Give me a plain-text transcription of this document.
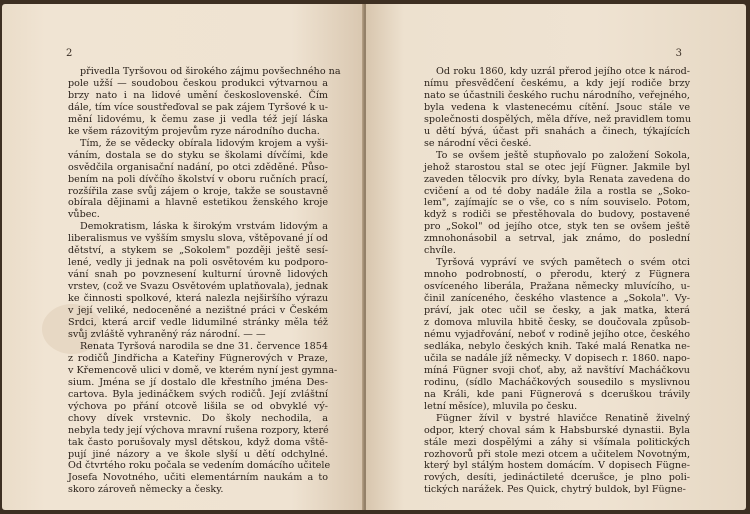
2

přivedla Tyršovou od širokého zájmu povšechného na
pole užší — soudobou českou produkci výtvarnou a
brzy nato i na lidové umění československé. Čím
dále, tím více soustřeďoval se pak zájem Tyršové k u-
mění lidovému, k čemu zase ji vedla též její láska
ke všem rázovitým projevům ryze národního ducha.

Tím, že se vědecky obírala lidovým krojem a vyši-
váním, dostala se do styku se školami dívčími, kde
osvědčila organisační nadání, po otci zděděné. Půso-
bením na poli dívčího školství v oboru ručních prací,
rozšířila zase svůj zájem o kroje, takže se soustavně
obírala dějinami a hlavně estetikou ženského kroje
vůbec.

Demokratism, láska k širokým vrstvám lidovým a
liberalismus ve vyšším smyslu slova, vštěpované jí od
dětství, a stykem se „Sokolem" později ještě sesí-
lené, vedly ji jednak na poli osvětovém ku podporo-
vání snah po povznesení kulturní úrovně lidových
vrstev, (což ve Svazu Osvětovém uplatňovala), jednak
ke činnosti spolkové, která nalezla nejširšího výrazu
v její veliké, nedoceněné a nezištné práci v Českém
Srdci, která arcif vedle lidumilné stránky měla též
svůj zvláště vyhraněný ráz národní. — —

Renata Tyršová narodila se dne 31. července 1854
z rodičů Jindřicha a Kateřiny Fügnerových v Praze,
v Křemencově ulici v domě, ve kterém nyní jest gymna-
sium. Jména se jí dostalo dle křestního jména Des-
cartova. Byla jedináčkem svých rodičů. Její zvláštní
výchova po přání otcově lišila se od obvyklé vý-
chovy dívek vrstevnic. Do školy nechodila, a
nebyla tedy její výchova mravní rušena rozpory, které
tak často porušovaly mysl dětskou, když doma vště-
pují jiné názory a ve škole slyší u dětí odchylné.
Od čtvrtého roku počala se vedením domácího učitele
Josefa Novotného, učiti elementárním naukám a to
skoro zároveň německy a česky.

3

Od roku 1860, kdy uzrál přerod jejího otce k národ-
nímu přesvědčení českému, a kdy její rodiče brzy
nato se účastnili českého ruchu národního, veřejného,
byla vedena k vlastenecému cítění. Jsouc stále ve
společnosti dospělých, měla dříve, než pravidlem tomu
u dětí bývá, účast při snahách a činech, týkajících
se národní věci české.

To se ovšem ještě stupňovalo po založení Sokola,
jehož starostou stal se otec její Fügner. Jakmile byl
zaveden tělocvik pro dívky, byla Renata zavedena do
cvičení a od té doby nadále žila a rostla se „Soko-
lem", zajímajíc se o vše, co s ním souviselo. Potom,
když s rodiči se přestěhovala do budovy, postavené
pro „Sokol" od jejího otce, styk ten se ovšem ještě
zmnohonásobil a setrval, jak známo, do poslední
chvíle.

Tyršová vypráví ve svých pamětech o svém otci
mnoho podrobností, o přerodu, který z Fügnera
osvíceného liberála, Pražana německy mluvícího, u-
činil zaníceného, českého vlastence a „Sokola". Vy-
práví, jak otec učil se česky, a jak matka, která
z domova mluvila hbitě česky, se doučovala způsob-
nému vyjadřování, neboť v rodině jejího otce, českého
sedláka, nebylo českých knih. Také malá Renatka ne-
učila se nadále jíž německy. V dopisech r. 1860. napo-
míná Fügner svoji choť, aby, až navštíví Macháčkovu
rodinu, (sídlo Macháčkových sousedilo s myslivnou
na Králi, kde pani Fügnerová s dceruškou trávily
letní měsíce), mluvila po česku.

Fügner žívil v bystré hlavičce Renatině živelný
odpor, který choval sám k Habsburské dynastii. Byla
stále mezi dospělými a záhy si všímala politických
rozhovorů při stole mezi otcem a učitelem Novotným,
který byl stálým hostem domácím. V dopisech Fügne-
rových, desíti, jedináctileté dcerušce, je plno poli-
tických narážek. Pes Quick, chytrý buldok, byl Fügne-
